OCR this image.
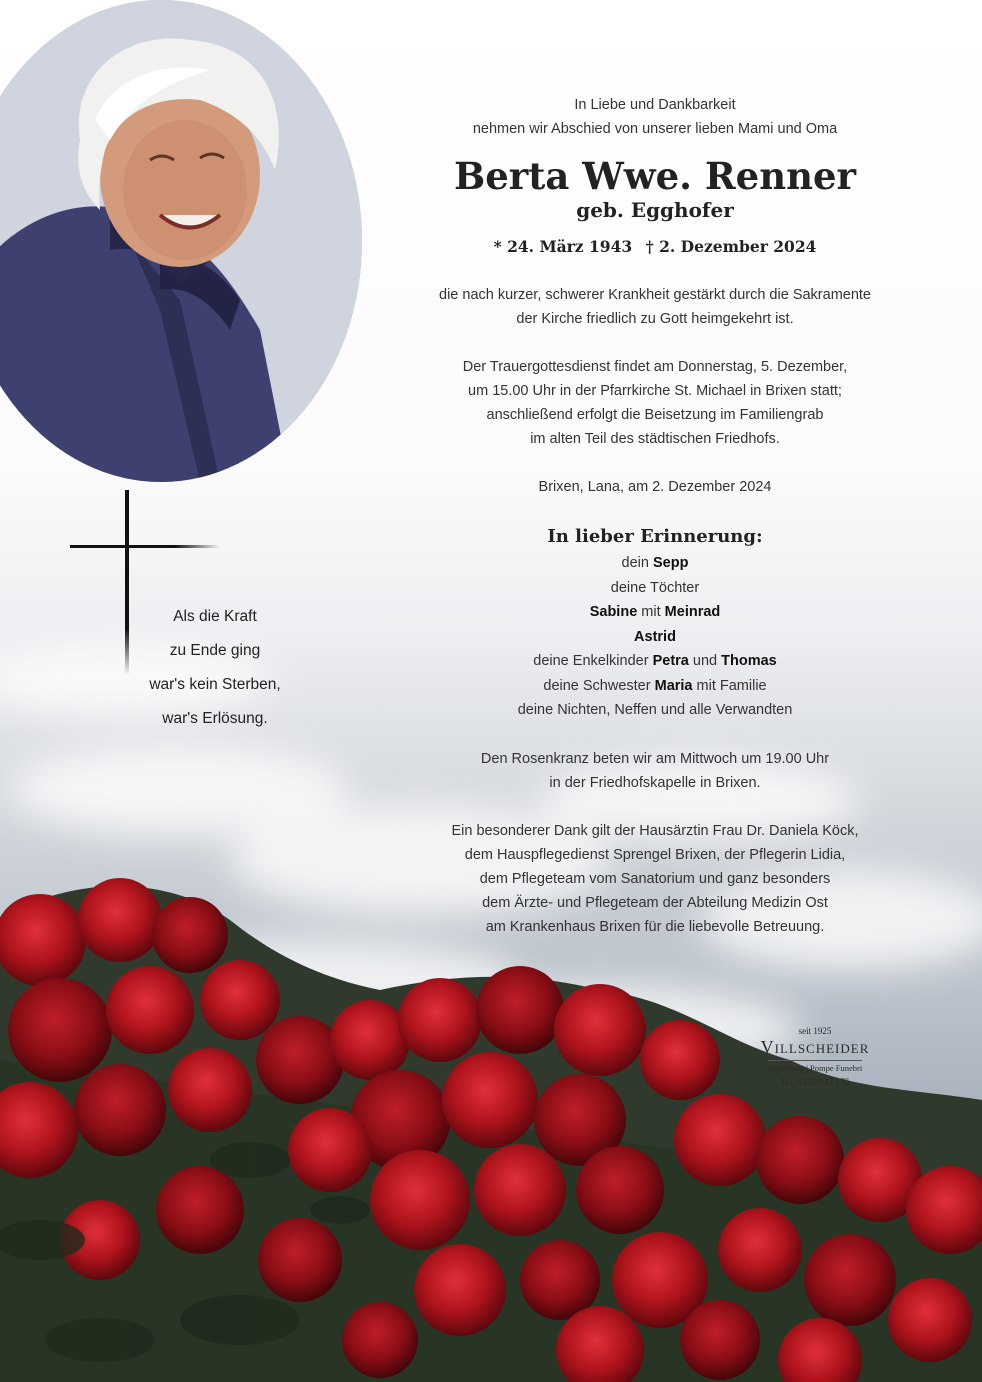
Als die Kraft
zu Ende ging
war's kein Sterben,
war's Erlösung.
In Liebe und Dankbarkeit
nehmen wir Abschied von unserer lieben Mami und Oma
Berta Wwe. Renner
geb. Egghofer
* 24. März 1943 † 2. Dezember 2024
die nach kurzer, schwerer Krankheit gestärkt durch die Sakramente
der Kirche friedlich zu Gott heimgekehrt ist.
Der Trauergottesdienst findet am Donnerstag, 5. Dezember,
um 15.00 Uhr in der Pfarrkirche St. Michael in Brixen statt;
anschließend erfolgt die Beisetzung im Familiengrab
im alten Teil des städtischen Friedhofs.
Brixen, Lana, am 2. Dezember 2024
In lieber Erinnerung:
dein Sepp
deine Töchter
Sabine mit Meinrad
Astrid
deine Enkelkinder Petra und Thomas
deine Schwester Maria mit Familie
deine Nichten, Neffen und alle Verwandten
Den Rosenkranz beten wir am Mittwoch um 19.00 Uhr
in der Friedhofskapelle in Brixen.
Ein besonderer Dank gilt der Hausärztin Frau Dr. Daniela Köck,
dem Hauspflegedienst Sprengel Brixen, der Pflegerin Lidia,
dem Pflegeteam vom Sanatorium und ganz besonders
dem Ärzte- und Pflegeteam der Abteilung Medizin Ost
am Krankenhaus Brixen für die liebevolle Betreuung.
seit 1925
Villscheider
Bestattung | Pompe Funebri
Tel. 0472/833 175
